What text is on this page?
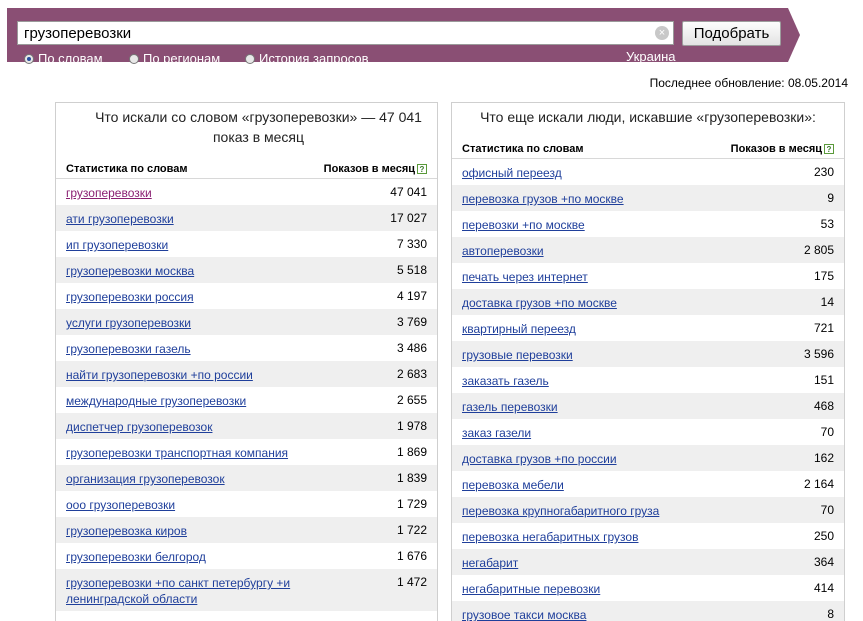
грузоперевозки
×	Подобрать
По словам	По регионам	История запросов	Украина
Последнее обновление: 08.05.2014
Что искали со словом «грузоперевозки» — 47 041 показ в месяц
Статистика по словам	Показов в месяц ?
грузоперевозки	47 041
ати грузоперевозки	17 027
ип грузоперевозки	7 330
грузоперевозки москва	5 518
грузоперевозки россия	4 197
услуги грузоперевозки	3 769
грузоперевозки газель	3 486
найти грузоперевозки +по россии	2 683
международные грузоперевозки	2 655
диспетчер грузоперевозок	1 978
грузоперевозки транспортная компания	1 869
организация грузоперевозок	1 839
ооо грузоперевозки	1 729
грузоперевозка киров	1 722
грузоперевозки белгород	1 676
грузоперевозки +по санкт петербургу +и ленинградской области
1 472
Что еще искали люди, искавшие «грузоперевозки»:
Статистика по словам	Показов в месяц ?
офисный переезд	230
перевозка грузов +по москве	9
перевозки +по москве	53
автоперевозки	2 805
печать через интернет	175
доставка грузов +по москве	14
квартирный переезд	721
грузовые перевозки	3 596
заказать газель	151
газель перевозки	468
заказ газели	70
доставка грузов +по россии	162
перевозка мебели	2 164
перевозка крупногабаритного груза	70
перевозка негабаритных грузов	250
негабарит	364
негабаритные перевозки	414
грузовое такси москва	8
